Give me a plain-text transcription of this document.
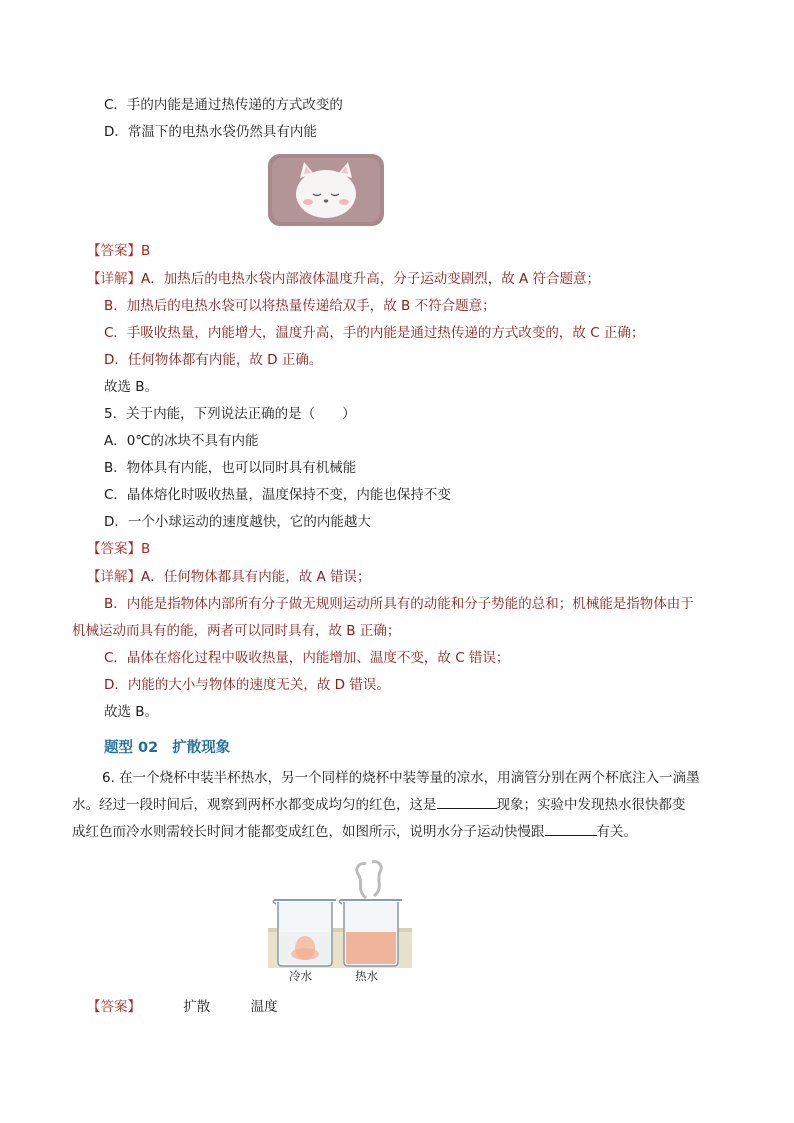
C．手的内能是通过热传递的方式改变的
D．常温下的电热水袋仍然具有内能
【答案】B
【详解】A．加热后的电热水袋内部液体温度升高，分子运动变剧烈，故 A 符合题意；
B．加热后的电热水袋可以将热量传递给双手，故 B 不符合题意；
C．手吸收热量，内能增大，温度升高，手的内能是通过热传递的方式改变的，故 C 正确；
D．任何物体都有内能，故 D 正确。
故选 B。
5．关于内能，下列说法正确的是（　　）
A．0℃的冰块不具有内能
B．物体具有内能，也可以同时具有机械能
C．晶体熔化时吸收热量，温度保持不变，内能也保持不变
D．一个小球运动的速度越快，它的内能越大
【答案】B
【详解】A．任何物体都具有内能，故 A 错误；
B．内能是指物体内部所有分子做无规则运动所具有的动能和分子势能的总和；机械能是指物体由于
机械运动而具有的能，两者可以同时具有，故 B 正确；
C．晶体在熔化过程中吸收热量，内能增加、温度不变，故 C 错误；
D．内能的大小与物体的速度无关，故 D 错误。
故选 B。
题型 02 扩散现象
6. 在一个烧杯中装半杯热水，另一个同样的烧杯中装等量的凉水，用滴管分别在两个杯底注入一滴墨
水。经过一段时间后，观察到两杯水都变成均匀的红色，这是	现象；实验中发现热水很快都变
成红色而冷水则需较长时间才能都变成红色，如图所示，说明水分子运动快慢跟	有关。
冷水	热水
【答案】	扩散	温度
